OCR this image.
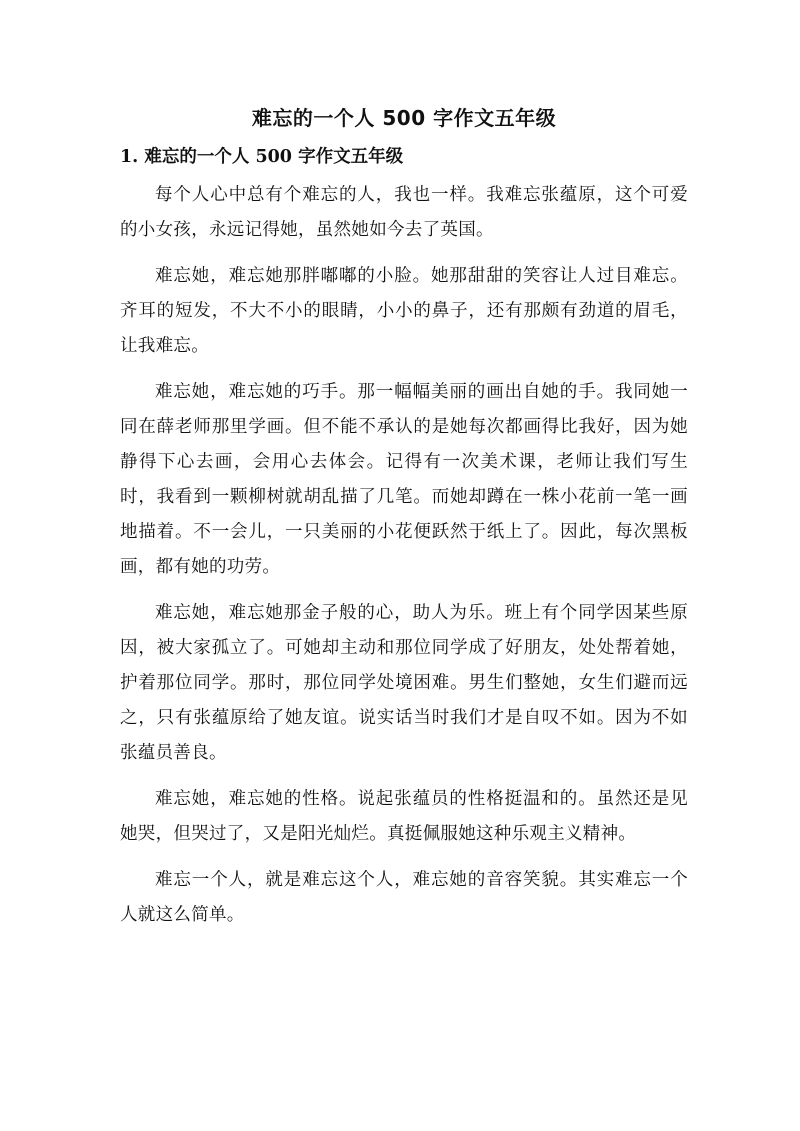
难忘的一个人 500 字作文五年级
1. 难忘的一个人 500 字作文五年级

每个人心中总有个难忘的人，我也一样。我难忘张蕴原，这个可爱的小女孩，永远记得她，虽然她如今去了英国。

难忘她，难忘她那胖嘟嘟的小脸。她那甜甜的笑容让人过目难忘。齐耳的短发，不大不小的眼睛，小小的鼻子，还有那颇有劲道的眉毛，让我难忘。

难忘她，难忘她的巧手。那一幅幅美丽的画出自她的手。我同她一同在薛老师那里学画。但不能不承认的是她每次都画得比我好，因为她静得下心去画，会用心去体会。记得有一次美术课，老师让我们写生时，我看到一颗柳树就胡乱描了几笔。而她却蹲在一株小花前一笔一画地描着。不一会儿，一只美丽的小花便跃然于纸上了。因此，每次黑板画，都有她的功劳。

难忘她，难忘她那金子般的心，助人为乐。班上有个同学因某些原因，被大家孤立了。可她却主动和那位同学成了好朋友，处处帮着她，护着那位同学。那时，那位同学处境困难。男生们整她，女生们避而远之，只有张蕴原给了她友谊。说实话当时我们才是自叹不如。因为不如张蕴员善良。

难忘她，难忘她的性格。说起张蕴员的性格挺温和的。虽然还是见她哭，但哭过了，又是阳光灿烂。真挺佩服她这种乐观主义精神。

难忘一个人，就是难忘这个人，难忘她的音容笑貌。其实难忘一个人就这么简单。
